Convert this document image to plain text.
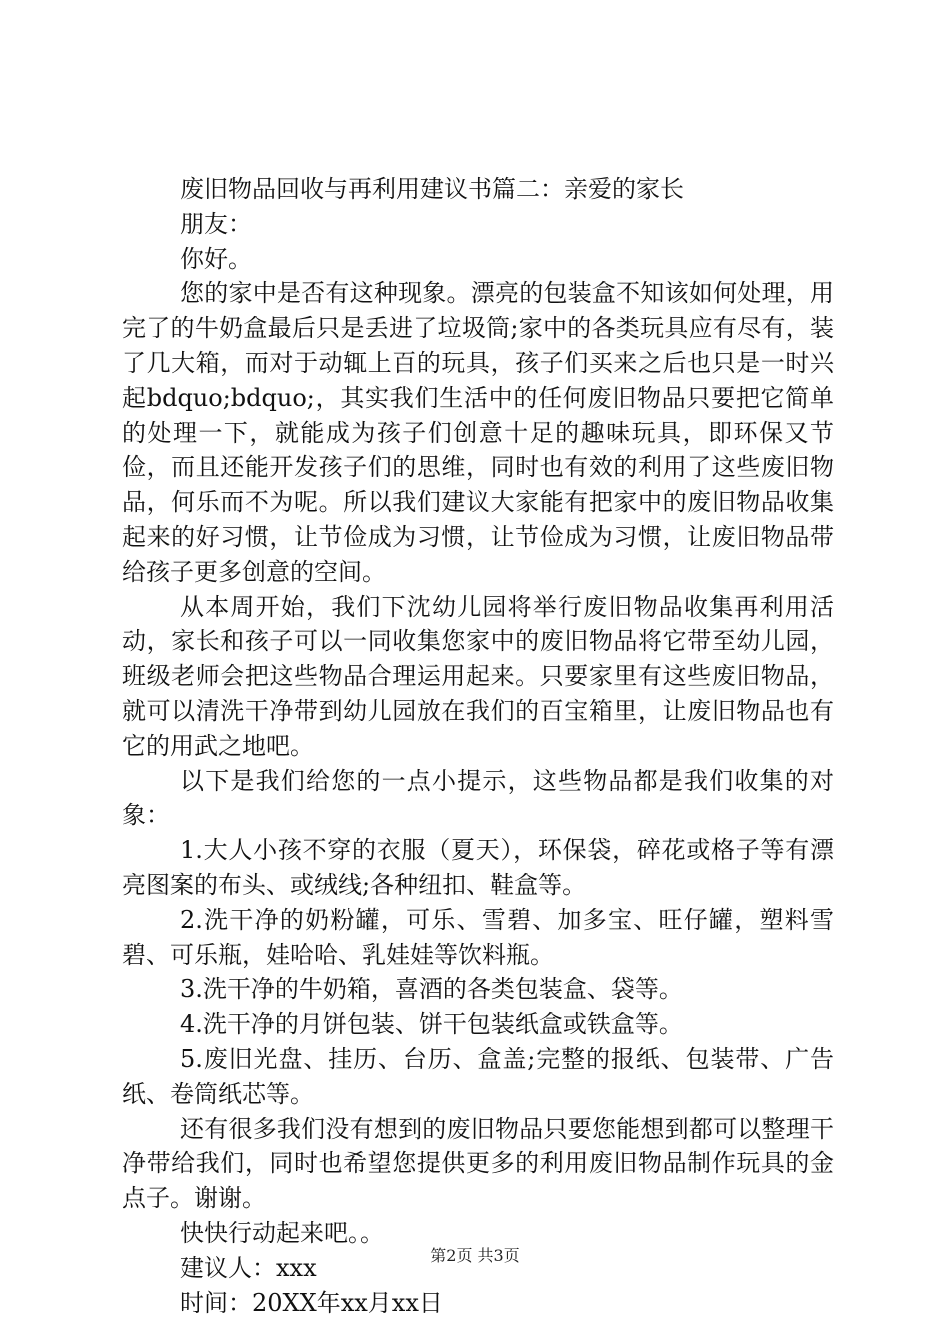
废旧物品回收与再利用建议书篇二：亲爱的家长

朋友：

你好。

您的家中是否有这种现象。漂亮的包装盒不知该如何处理，用完了的牛奶盒最后只是丢进了垃圾筒;家中的各类玩具应有尽有，装了几大箱，而对于动辄上百的玩具，孩子们买来之后也只是一时兴起bdquo;bdquo;，其实我们生活中的任何废旧物品只要把它简单的处理一下，就能成为孩子们创意十足的趣味玩具，即环保又节俭，而且还能开发孩子们的思维，同时也有效的利用了这些废旧物品，何乐而不为呢。所以我们建议大家能有把家中的废旧物品收集起来的好习惯，让节俭成为习惯，让节俭成为习惯，让废旧物品带给孩子更多创意的空间。

从本周开始，我们下沈幼儿园将举行废旧物品收集再利用活动，家长和孩子可以一同收集您家中的废旧物品将它带至幼儿园，班级老师会把这些物品合理运用起来。只要家里有这些废旧物品，就可以清洗干净带到幼儿园放在我们的百宝箱里，让废旧物品也有它的用武之地吧。

以下是我们给您的一点小提示，这些物品都是我们收集的对象：

1.大人小孩不穿的衣服（夏天），环保袋，碎花或格子等有漂亮图案的布头、或绒线;各种纽扣、鞋盒等。

2.洗干净的奶粉罐，可乐、雪碧、加多宝、旺仔罐，塑料雪碧、可乐瓶，娃哈哈、乳娃娃等饮料瓶。

3.洗干净的牛奶箱，喜酒的各类包装盒、袋等。

4.洗干净的月饼包装、饼干包装纸盒或铁盒等。

5.废旧光盘、挂历、台历、盒盖;完整的报纸、包装带、广告纸、卷筒纸芯等。

还有很多我们没有想到的废旧物品只要您能想到都可以整理干净带给我们，同时也希望您提供更多的利用废旧物品制作玩具的金点子。谢谢。

快快行动起来吧。。

建议人：xxx

时间：20XX年xx月xx日

第2页 共3页
